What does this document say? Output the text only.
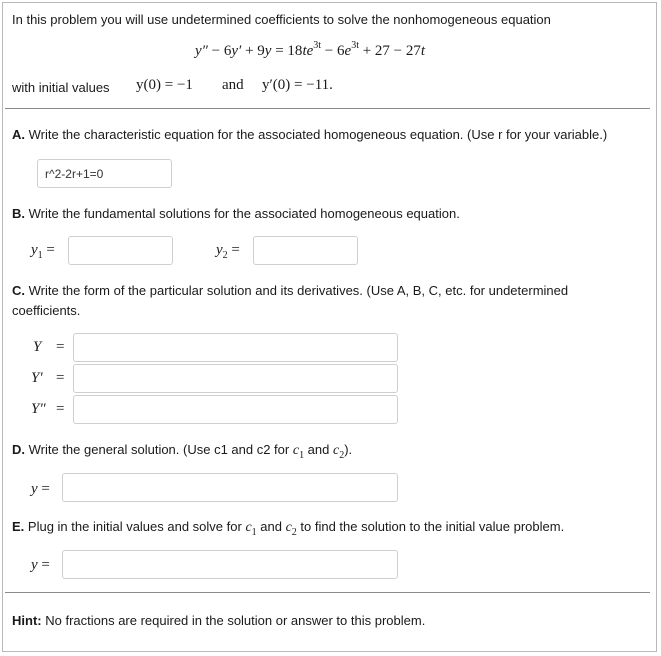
In this problem you will use undetermined coefficients to solve the nonhomogeneous equation
$y'' - 6y' + 9y = 18te^{3t} - 6e^{3t} + 27 - 27t$
with initial values y(0) = −1 and y′(0) = −11.
A. Write the characteristic equation for the associated homogeneous equation. (Use r for your variable.)
r^2-2r+1=0
B. Write the fundamental solutions for the associated homogeneous equation.
$y_1$ =	$y_2$ =
C. Write the form of the particular solution and its derivatives. (Use A, B, C, etc. for undetermined
coefficients.
Y =
Y′ =
Y″ =
D. Write the general solution. (Use c1 and c2 for $c_1$ and $c_2$).
y =
E. Plug in the initial values and solve for $c_1$ and $c_2$ to find the solution to the initial value problem.
y =
Hint: No fractions are required in the solution or answer to this problem.
